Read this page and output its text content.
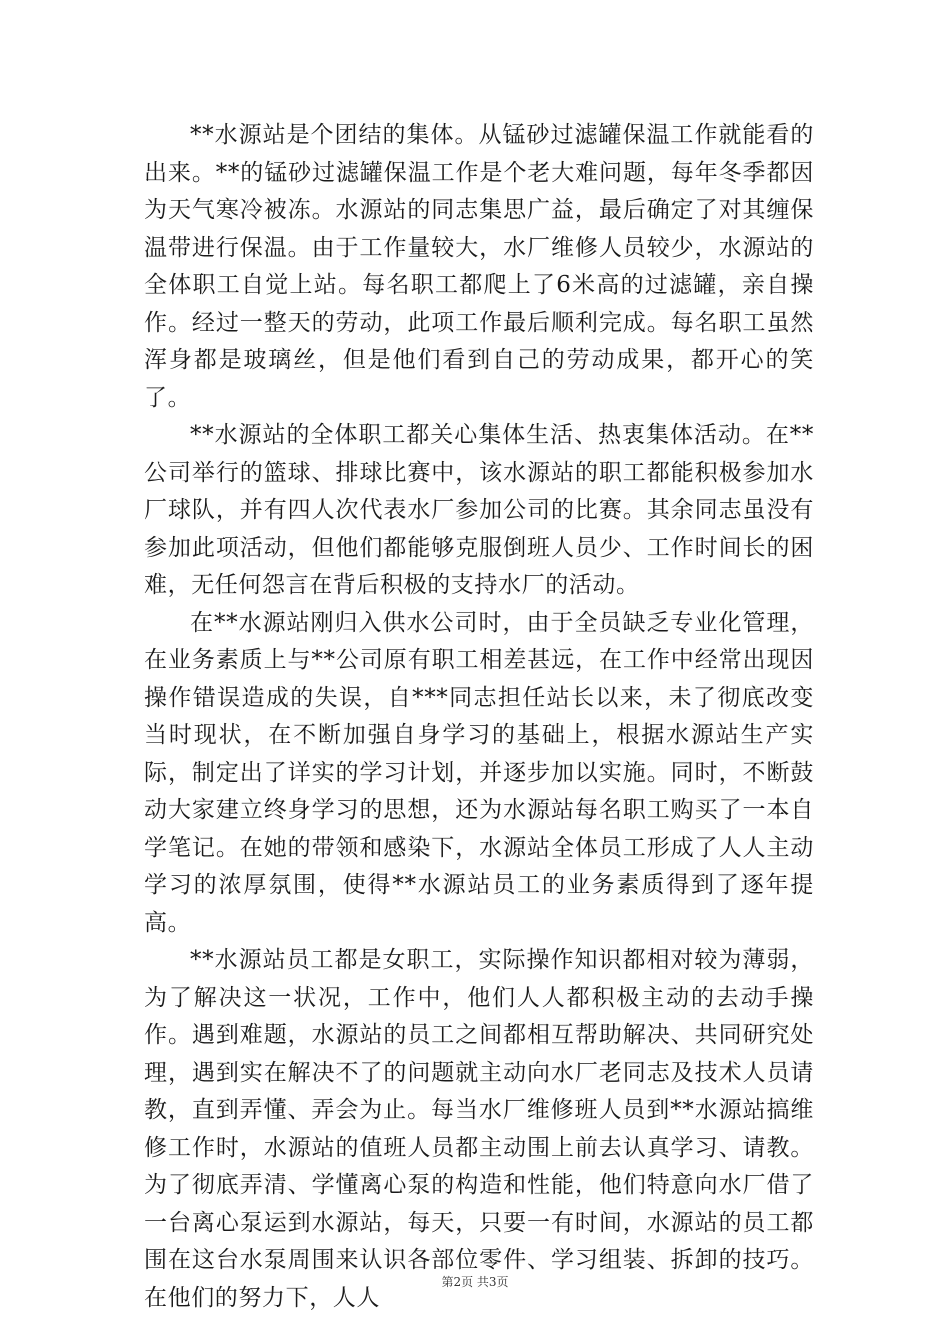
**水源站是个团结的集体。从锰砂过滤罐保温工作就能看的出来。**的锰砂过滤罐保温工作是个老大难问题，每年冬季都因为天气寒冷被冻。水源站的同志集思广益，最后确定了对其缠保温带进行保温。由于工作量较大，水厂维修人员较少，水源站的全体职工自觉上站。每名职工都爬上了6米高的过滤罐，亲自操作。经过一整天的劳动，此项工作最后顺利完成。每名职工虽然浑身都是玻璃丝，但是他们看到自己的劳动成果，都开心的笑了。

**水源站的全体职工都关心集体生活、热衷集体活动。在**公司举行的篮球、排球比赛中，该水源站的职工都能积极参加水厂球队，并有四人次代表水厂参加公司的比赛。其余同志虽没有参加此项活动，但他们都能够克服倒班人员少、工作时间长的困难，无任何怨言在背后积极的支持水厂的活动。

在**水源站刚归入供水公司时，由于全员缺乏专业化管理，在业务素质上与**公司原有职工相差甚远，在工作中经常出现因操作错误造成的失误，自***同志担任站长以来，未了彻底改变当时现状，在不断加强自身学习的基础上，根据水源站生产实际，制定出了详实的学习计划，并逐步加以实施。同时，不断鼓动大家建立终身学习的思想，还为水源站每名职工购买了一本自学笔记。在她的带领和感染下，水源站全体员工形成了人人主动学习的浓厚氛围，使得**水源站员工的业务素质得到了逐年提高。

**水源站员工都是女职工，实际操作知识都相对较为薄弱，为了解决这一状况，工作中，他们人人都积极主动的去动手操作。遇到难题，水源站的员工之间都相互帮助解决、共同研究处理，遇到实在解决不了的问题就主动向水厂老同志及技术人员请教，直到弄懂、弄会为止。每当水厂维修班人员到**水源站搞维修工作时，水源站的值班人员都主动围上前去认真学习、请教。为了彻底弄清、学懂离心泵的构造和性能，他们特意向水厂借了一台离心泵运到水源站，每天，只要一有时间，水源站的员工都围在这台水泵周围来认识各部位零件、学习组装、拆卸的技巧。在他们的努力下，人人

第2页 共3页
